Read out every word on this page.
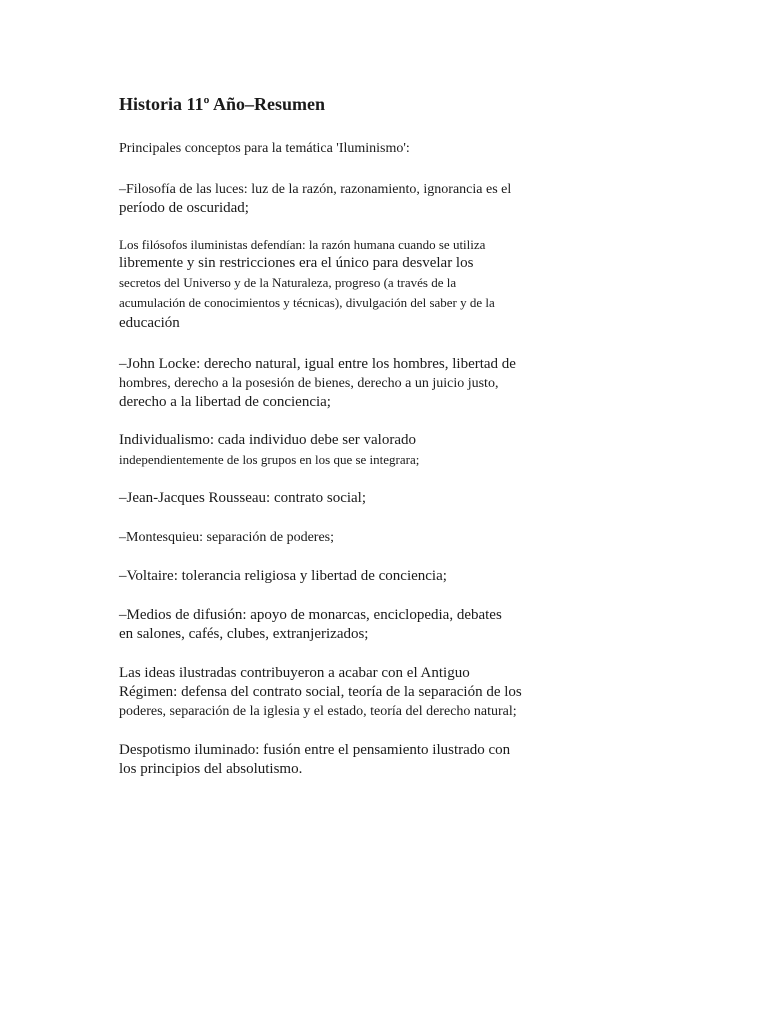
Historia 11º Año–Resumen

Principales conceptos para la temática 'Iluminismo':

–Filosofía de las luces: luz de la razón, razonamiento, ignorancia es el
período de oscuridad;

Los filósofos iluministas defendían: la razón humana cuando se utiliza
libremente y sin restricciones era el único para desvelar los
secretos del Universo y de la Naturaleza, progreso (a través de la
acumulación de conocimientos y técnicas), divulgación del saber y de la
educación

–John Locke: derecho natural, igual entre los hombres, libertad de
hombres, derecho a la posesión de bienes, derecho a un juicio justo,
derecho a la libertad de conciencia;

Individualismo: cada individuo debe ser valorado
independientemente de los grupos en los que se integrara;

–Jean-Jacques Rousseau: contrato social;

–Montesquieu: separación de poderes;

–Voltaire: tolerancia religiosa y libertad de conciencia;

–Medios de difusión: apoyo de monarcas, enciclopedia, debates
en salones, cafés, clubes, extranjerizados;

Las ideas ilustradas contribuyeron a acabar con el Antiguo
Régimen: defensa del contrato social, teoría de la separación de los
poderes, separación de la iglesia y el estado, teoría del derecho natural;

Despotismo iluminado: fusión entre el pensamiento ilustrado con
los principios del absolutismo.
